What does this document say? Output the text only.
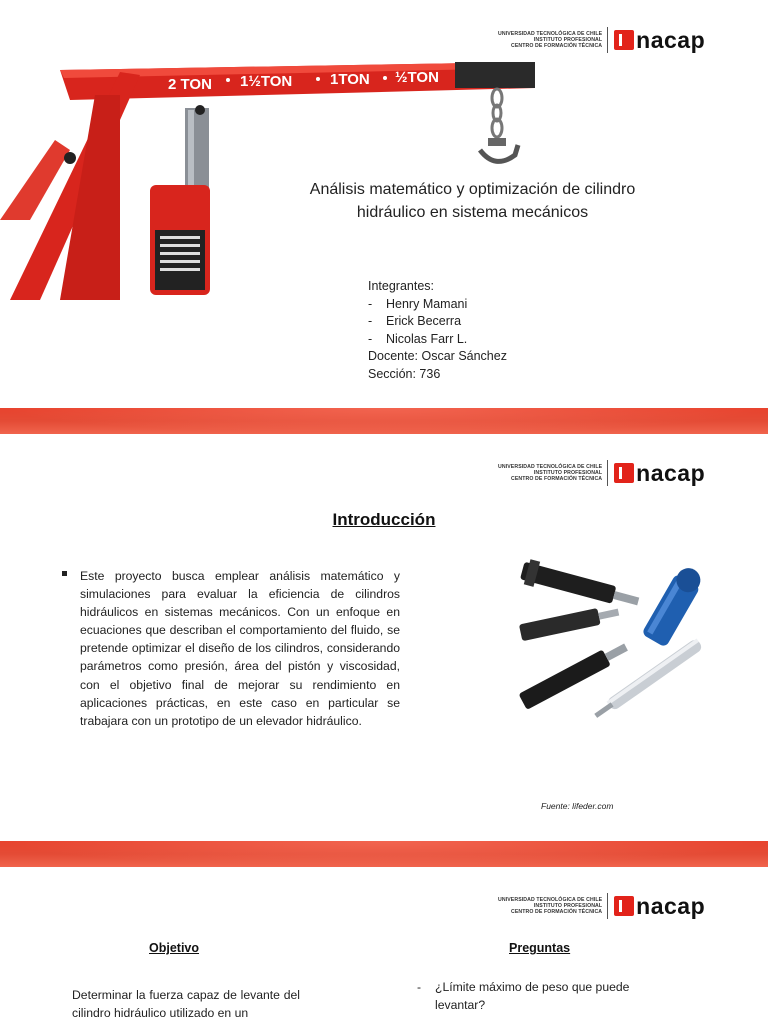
2 TON 1½TON	1TON ½TON
UNIVERSIDAD TECNOLÓGICA DE CHILE
INSTITUTO PROFESIONAL
CENTRO DE FORMACIÓN TÉCNICA nacap
Análisis matemático y optimización de cilindro hidráulico en sistema mecánicos
Integrantes:
-	Henry Mamani
-	Erick Becerra
-	Nicolas Farr L.
Docente: Oscar Sánchez
Sección: 736
UNIVERSIDAD TECNOLÓGICA DE CHILE
INSTITUTO PROFESIONAL
CENTRO DE FORMACIÓN TÉCNICA nacap
Introducción

Este proyecto busca emplear análisis matemático y simulaciones para evaluar la eficiencia de cilindros hidráulicos en sistemas mecánicos. Con un enfoque en ecuaciones que describan el comportamiento del fluido, se pretende optimizar el diseño de los cilindros, considerando parámetros como presión, área del pistón y viscosidad, con el objetivo final de mejorar su rendimiento en aplicaciones prácticas, en este caso en particular se trabajara con un prototipo de un elevador hidráulico.

Fuente: lifeder.com
UNIVERSIDAD TECNOLÓGICA DE CHILE
INSTITUTO PROFESIONAL
CENTRO DE FORMACIÓN TÉCNICA nacap
Objetivo	Preguntas
Determinar la fuerza capaz de levante del cilindro hidráulico utilizado en un
-	¿Límite máximo de peso que puede levantar?
